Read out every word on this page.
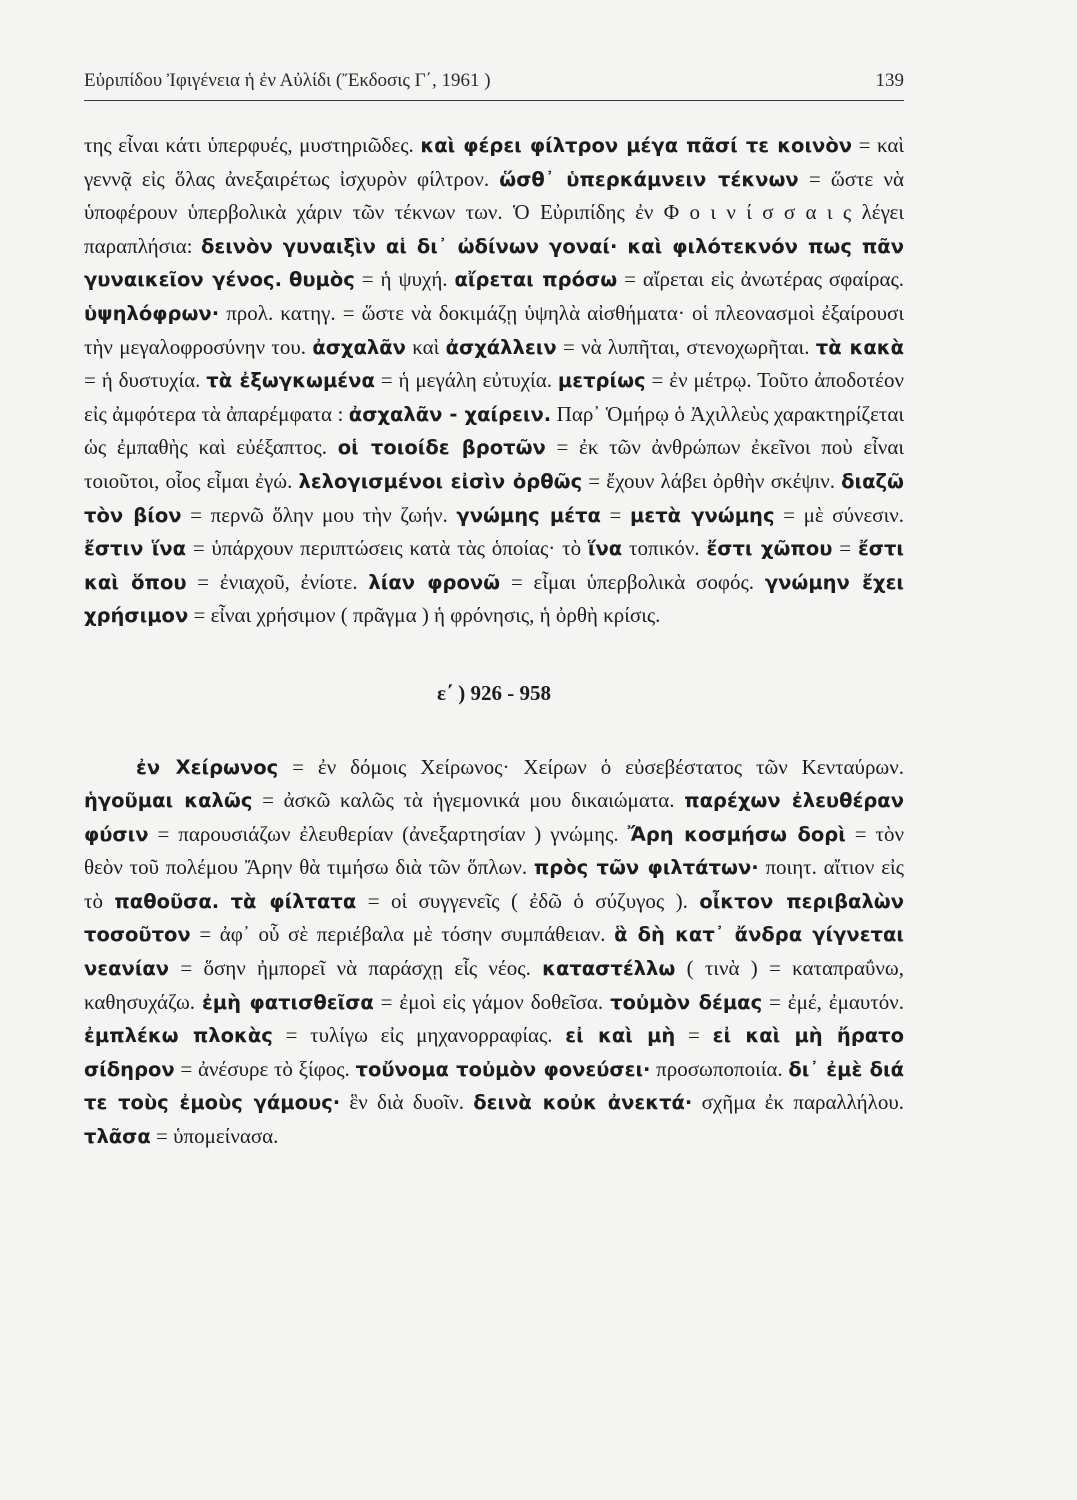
Εὐριπίδου Ἰφιγένεια ἡ ἐν Αὐλίδι (Ἔκδοσις Γ΄, 1961 )	139

της εἶναι κάτι ὑπερφυές, μυστηριῶδες. καὶ φέρει φίλτρον μέγα πᾶσί τε κοινὸν = καὶ γεννᾷ εἰς ὅλας ἀνεξαιρέτως ἰσχυρὸν φίλτρον. ὥσθ᾽ ὑπερκάμνειν τέκνων = ὥστε νὰ ὑποφέρουν ὑπερβολικὰ χάριν τῶν τέκνων των. Ὁ Εὐριπίδης ἐν Φ ο ι ν ί σ σ α ι ς λέγει παραπλήσια: δεινὸν γυναιξὶν αἱ δι᾽ ὠδίνων γοναί· καὶ φιλότεκνόν πως πᾶν γυναικεῖον γένος. θυμὸς = ἡ ψυχή. αἴρεται πρόσω = αἴρεται εἰς ἀνωτέρας σφαίρας. ὑψηλόφρων· προλ. κατηγ. = ὥστε νὰ δοκιμάζῃ ὑψηλὰ αἰσθήματα· οἱ πλεονασμοὶ ἐξαίρουσι τὴν μεγαλοφροσύνην του. ἀσχαλᾶν καὶ ἀσχάλλειν = νὰ λυπῆται, στενοχωρῆται. τὰ κακὰ = ἡ δυστυχία. τὰ ἐξωγκωμένα = ἡ μεγάλη εὐτυχία. μετρίως = ἐν μέτρῳ. Τοῦτο ἀποδοτέον εἰς ἀμφότερα τὰ ἀπαρέμφατα : ἀσχαλᾶν - χαίρειν. Παρ᾽ Ὁμήρῳ ὁ Ἀχιλλεὺς χαρακτηρίζεται ὡς ἐμπαθὴς καὶ εὐέξαπτος. οἱ τοιοίδε βροτῶν = ἐκ τῶν ἀνθρώπων ἐκεῖνοι ποὺ εἶναι τοιοῦτοι, οἷος εἶμαι ἐγώ. λελογισμένοι εἰσὶν ὀρθῶς = ἔχουν λάβει ὀρθὴν σκέψιν. διαζῶ τὸν βίον = περνῶ ὅλην μου τὴν ζωήν. γνώμης μέτα = μετὰ γνώμης = μὲ σύνεσιν. ἔστιν ἵνα = ὑπάρχουν περιπτώσεις κατὰ τὰς ὁποίας· τὸ ἵνα τοπικόν. ἔστι χῶπου = ἔστι καὶ ὅπου = ἐνιαχοῦ, ἐνίοτε. λίαν φρονῶ = εἶμαι ὑπερβολικὰ σοφός. γνώμην ἔχει χρήσιμον = εἶναι χρήσιμον ( πρᾶγμα ) ἡ φρόνησις, ἡ ὀρθὴ κρίσις.

ε΄ ) 926 - 958

ἐν Χείρωνος = ἐν δόμοις Χείρωνος· Χείρων ὁ εὐσεβέστατος τῶν Κενταύρων. ἡγοῦμαι καλῶς = ἀσκῶ καλῶς τὰ ἡγεμονικά μου δικαιώματα. παρέχων ἐλευθέραν φύσιν = παρουσιάζων ἐλευθερίαν (ἀνεξαρτησίαν ) γνώμης. Ἄρη κοσμήσω δορὶ = τὸν θεὸν τοῦ πολέμου Ἄρην θὰ τιμήσω διὰ τῶν ὅπλων. πρὸς τῶν φιλτάτων· ποιητ. αἴτιον εἰς τὸ παθοῦσα. τὰ φίλτατα = οἱ συγγενεῖς ( ἐδῶ ὁ σύζυγος ). οἶκτον περιβαλὼν τοσοῦτον = ἀφ᾽ οὗ σὲ περιέβαλα μὲ τόσην συμπάθειαν. ἃ δὴ κατ᾽ ἄνδρα γίγνεται νεανίαν = ὅσην ἠμπορεῖ νὰ παράσχῃ εἷς νέος. καταστέλλω ( τινὰ ) = καταπραΰνω, καθησυχάζω. ἐμὴ φατισθεῖσα = ἐμοὶ εἰς γάμον δοθεῖσα. τοὐμὸν δέμας = ἐμέ, ἐμαυτόν. ἐμπλέκω πλοκὰς = τυλίγω εἰς μηχανορραφίας. εἰ καὶ μὴ = εἰ καὶ μὴ ἤρατο σίδηρον = ἀνέσυρε τὸ ξίφος. τοὔνομα τοὐμὸν φονεύσει· προσωποποιία. δι᾽ ἐμὲ διά τε τοὺς ἐμοὺς γάμους· ἓν διὰ δυοῖν. δεινὰ κοὐκ ἀνεκτά· σχῆμα ἐκ παραλλήλου. τλᾶσα = ὑπομείνασα.
